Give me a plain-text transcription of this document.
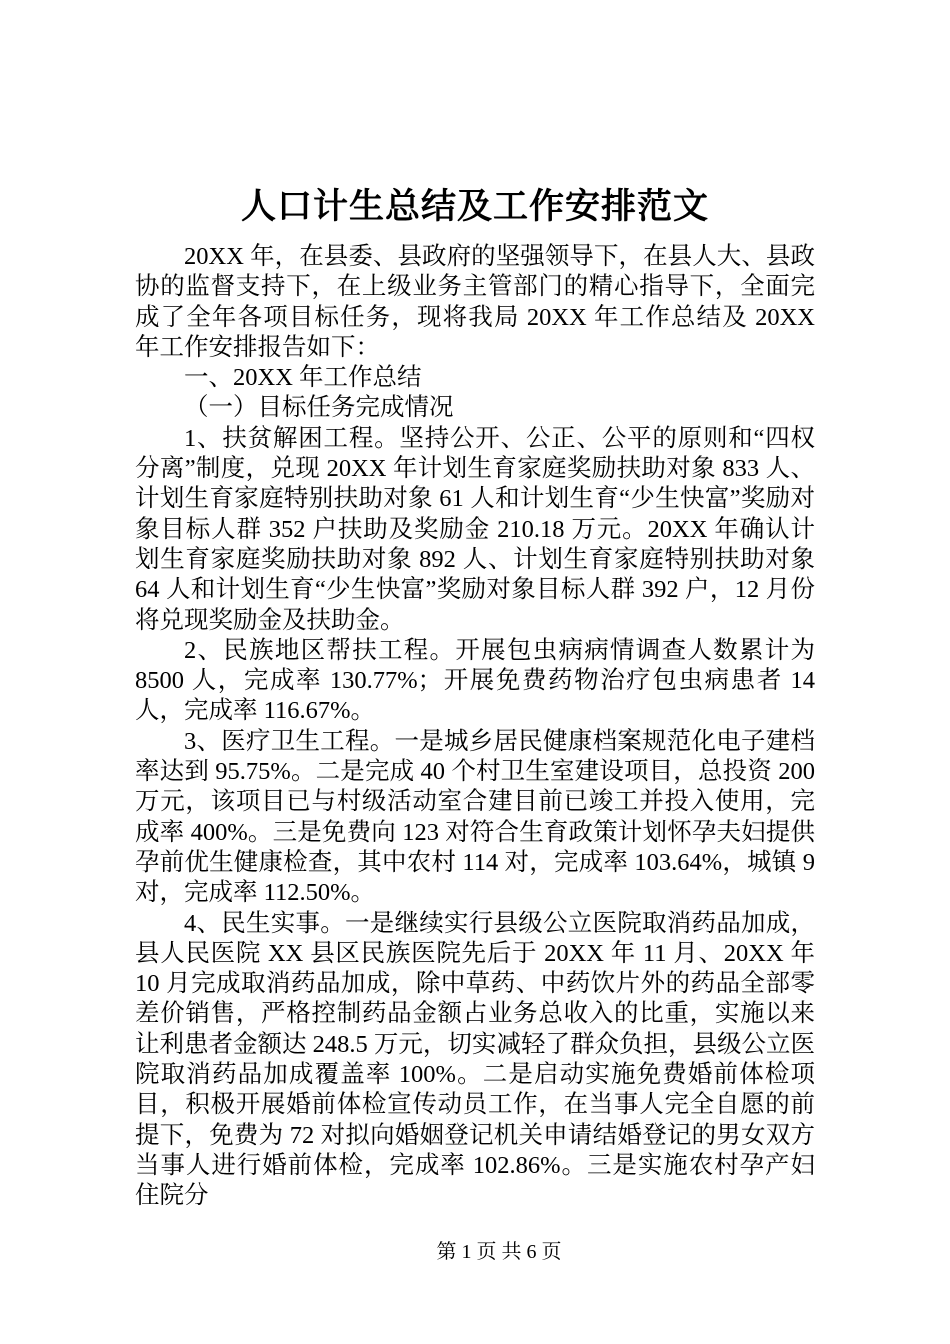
人口计生总结及工作安排范文

20XX 年，在县委、县政府的坚强领导下，在县人大、县政协的监督支持下，在上级业务主管部门的精心指导下，全面完成了全年各项目标任务，现将我局 20XX 年工作总结及 20XX 年工作安排报告如下：

一、20XX 年工作总结

（一）目标任务完成情况

1、扶贫解困工程。坚持公开、公正、公平的原则和“四权分离”制度，兑现 20XX 年计划生育家庭奖励扶助对象 833 人、计划生育家庭特别扶助对象 61 人和计划生育“少生快富”奖励对象目标人群 352 户扶助及奖励金 210.18 万元。20XX 年确认计划生育家庭奖励扶助对象 892 人、计划生育家庭特别扶助对象 64 人和计划生育“少生快富”奖励对象目标人群 392 户，12 月份将兑现奖励金及扶助金。

2、民族地区帮扶工程。开展包虫病病情调查人数累计为 8500 人，完成率 130.77%；开展免费药物治疗包虫病患者 14 人，完成率 116.67%。

3、医疗卫生工程。一是城乡居民健康档案规范化电子建档率达到 95.75%。二是完成 40 个村卫生室建设项目，总投资 200 万元，该项目已与村级活动室合建目前已竣工并投入使用，完成率 400%。三是免费向 123 对符合生育政策计划怀孕夫妇提供孕前优生健康检查，其中农村 114 对，完成率 103.64%，城镇 9 对，完成率 112.50%。

4、民生实事。一是继续实行县级公立医院取消药品加成，县人民医院 XX 县区民族医院先后于 20XX 年 11 月、20XX 年 10 月完成取消药品加成，除中草药、中药饮片外的药品全部零差价销售，严格控制药品金额占业务总收入的比重，实施以来让利患者金额达 248.5 万元，切实减轻了群众负担，县级公立医院取消药品加成覆盖率 100%。二是启动实施免费婚前体检项目，积极开展婚前体检宣传动员工作，在当事人完全自愿的前提下，免费为 72 对拟向婚姻登记机关申请结婚登记的男女双方当事人进行婚前体检，完成率 102.86%。三是实施农村孕产妇住院分

第 1 页 共 6 页
